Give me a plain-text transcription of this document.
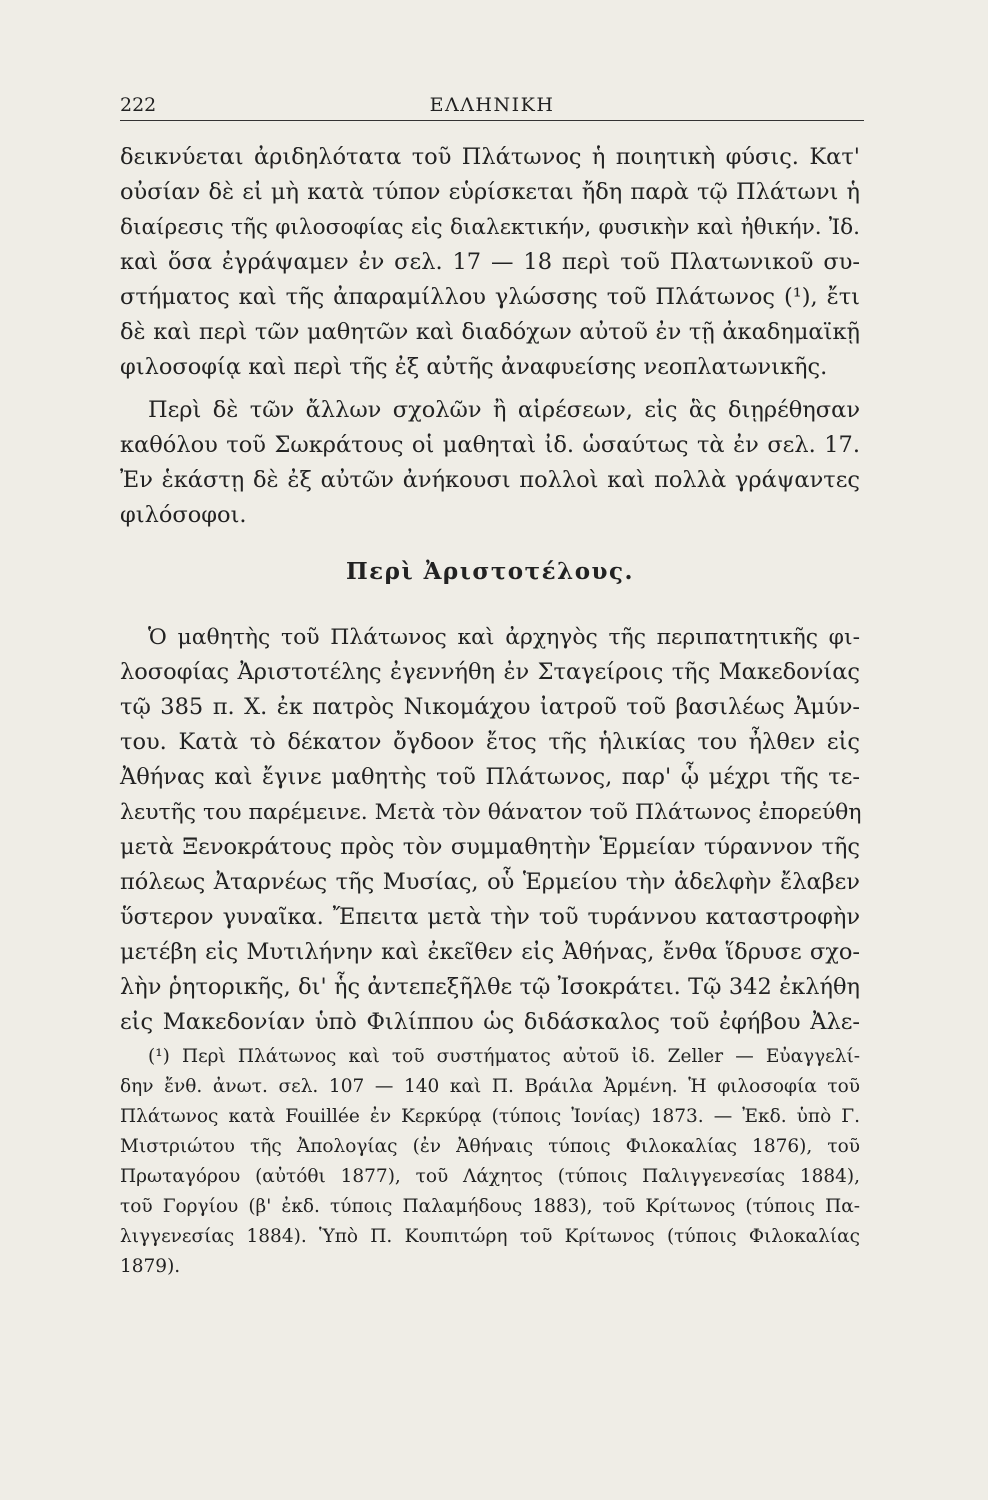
222	ΕΛΛΗΝΙΚΗ
δεικνύεται ἀριδηλότατα τοῦ Πλάτωνος ἡ ποιητικὴ φύσις. Κατ'
οὐσίαν δὲ εἰ μὴ κατὰ τύπον εὑρίσκεται ἤδη παρὰ τῷ Πλάτωνι ἡ
διαίρεσις τῆς φιλοσοφίας εἰς διαλεκτικήν, φυσικὴν καὶ ἠθικήν. Ἰδ.
καὶ ὅσα ἐγράψαμεν ἐν σελ. 17 — 18 περὶ τοῦ Πλατωνικοῦ συ-
στήματος καὶ τῆς ἀπαραμίλλου γλώσσης τοῦ Πλάτωνος (¹), ἔτι
δὲ καὶ περὶ τῶν μαθητῶν καὶ διαδόχων αὐτοῦ ἐν τῇ ἀκαδημαϊκῇ
φιλοσοφίᾳ καὶ περὶ τῆς ἐξ αὐτῆς ἀναφυείσης νεοπλατωνικῆς.
Περὶ δὲ τῶν ἄλλων σχολῶν ἢ αἱρέσεων, εἰς ἃς διῃρέθησαν
καθόλου τοῦ Σωκράτους οἱ μαθηταὶ ἰδ. ὡσαύτως τὰ ἐν σελ. 17.
Ἐν ἑκάστῃ δὲ ἐξ αὐτῶν ἀνήκουσι πολλοὶ καὶ πολλὰ γράψαντες
φιλόσοφοι.
Περὶ Ἀριστοτέλους.
Ὁ μαθητὴς τοῦ Πλάτωνος καὶ ἀρχηγὸς τῆς περιπατητικῆς φι-
λοσοφίας Ἀριστοτέλης ἐγεννήθη ἐν Σταγείροις τῆς Μακεδονίας
τῷ 385 π. Χ. ἐκ πατρὸς Νικομάχου ἰατροῦ τοῦ βασιλέως Ἀμύν-
του. Κατὰ τὸ δέκατον ὄγδοον ἔτος τῆς ἡλικίας του ἦλθεν εἰς
Ἀθήνας καὶ ἔγινε μαθητὴς τοῦ Πλάτωνος, παρ' ᾧ μέχρι τῆς τε-
λευτῆς του παρέμεινε. Μετὰ τὸν θάνατον τοῦ Πλάτωνος ἐπορεύθη
μετὰ Ξενοκράτους πρὸς τὸν συμμαθητὴν Ἑρμείαν τύραννον τῆς
πόλεως Ἀταρνέως τῆς Μυσίας, οὗ Ἑρμείου τὴν ἀδελφὴν ἔλαβεν
ὕστερον γυναῖκα. Ἔπειτα μετὰ τὴν τοῦ τυράννου καταστροφὴν
μετέβη εἰς Μυτιλήνην καὶ ἐκεῖθεν εἰς Ἀθήνας, ἔνθα ἵδρυσε σχο-
λὴν ῥητορικῆς, δι' ἧς ἀντεπεξῆλθε τῷ Ἰσοκράτει. Τῷ 342 ἐκλήθη
εἰς Μακεδονίαν ὑπὸ Φιλίππου ὡς διδάσκαλος τοῦ ἐφήβου Ἀλε-
(¹) Περὶ Πλάτωνος καὶ τοῦ συστήματος αὐτοῦ ἰδ. Zeller — Εὐαγγελί-
δην ἔνθ. ἀνωτ. σελ. 107 — 140 καὶ Π. Βράιλα Ἀρμένη. Ἡ φιλοσοφία τοῦ
Πλάτωνος κατὰ Fouillée ἐν Κερκύρᾳ (τύποις Ἰονίας) 1873. — Ἐκδ. ὑπὸ Γ.
Μιστριώτου τῆς Ἀπολογίας (ἐν Ἀθήναις τύποις Φιλοκαλίας 1876), τοῦ
Πρωταγόρου (αὐτόθι 1877), τοῦ Λάχητος (τύποις Παλιγγενεσίας 1884),
τοῦ Γοργίου (β' ἐκδ. τύποις Παλαμήδους 1883), τοῦ Κρίτωνος (τύποις Πα-
λιγγενεσίας 1884). Ὑπὸ Π. Κουπιτώρη τοῦ Κρίτωνος (τύποις Φιλοκαλίας
1879).
